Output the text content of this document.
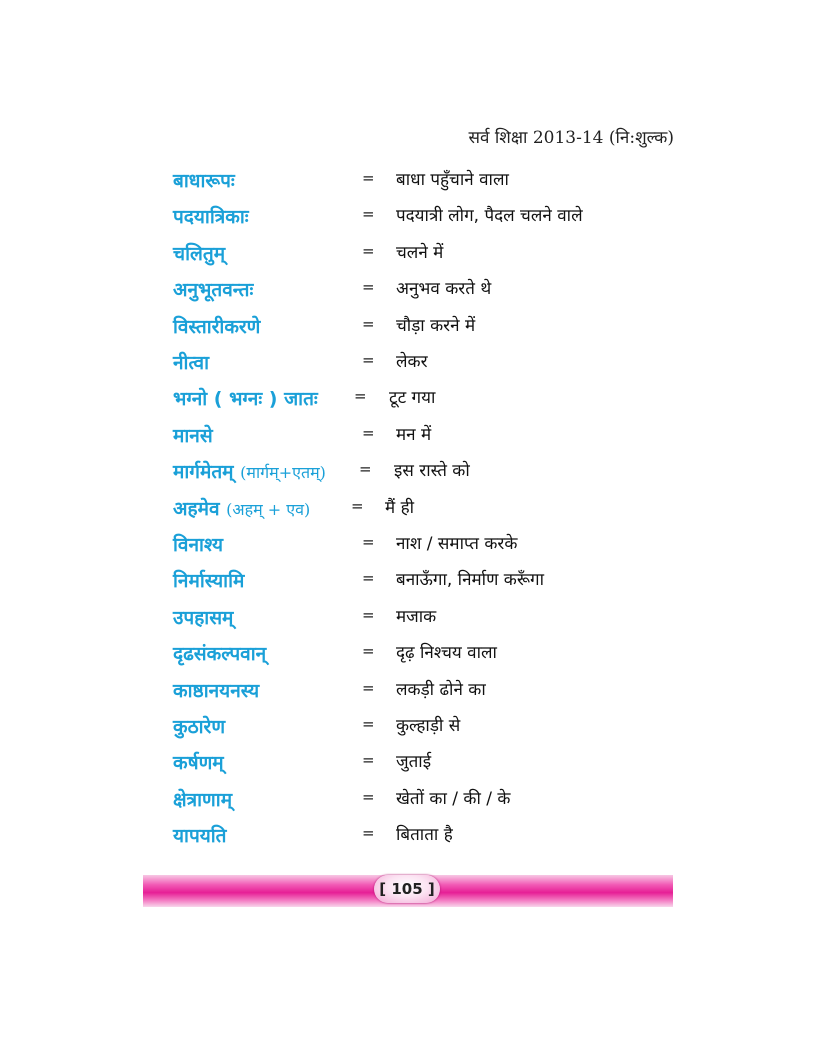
सर्व शिक्षा 2013-14 (नि:शुल्क)
बाधारूपः	= बाधा पहुँचाने वाला
पदयात्रिकाः	= पदयात्री लोग, पैदल चलने वाले
चलितुम्	= चलने में
अनुभूतवन्तः	= अनुभव करते थे
विस्तारीकरणे	= चौड़ा करने में
नीत्वा	= लेकर
भग्नो ( भग्नः ) जातः = टूट गया
मानसे	= मन में
मार्गमेतम् (मार्गम्+एतम्) = इस रास्ते को
अहमेव (अहम् + एव)	= मैं ही
विनाश्य	= नाश / समाप्त करके
निर्मास्यामि	= बनाऊँगा, निर्माण करूँगा
उपहासम्	= मजाक
दृढसंकल्पवान्	= दृढ़ निश्चय वाला
काष्ठानयनस्य	= लकड़ी ढोने का
कुठारेण	= कुल्हाड़ी से
कर्षणम्	= जुताई
क्षेत्राणाम्	= खेतों का / की / के
यापयति	= बिताता है
[ 105 ]
